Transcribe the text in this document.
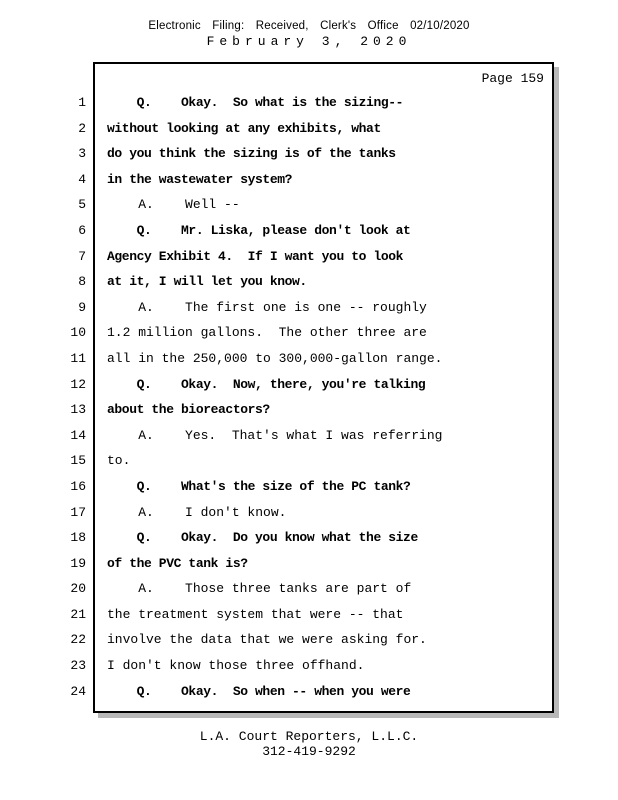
Electronic Filing: Received, Clerk's Office 02/10/2020
February 3, 2020
Page 159
1 Q.    Okay.  So what is the sizing--
2 without looking at any exhibits, what
3 do you think the sizing is of the tanks
4 in the wastewater system?
5 A.    Well --
6 Q.    Mr. Liska, please don't look at
7 Agency Exhibit 4.  If I want you to look
8 at it, I will let you know.
9 A.    The first one is one -- roughly
10 1.2 million gallons.  The other three are
11 all in the 250,000 to 300,000-gallon range.
12 Q.    Okay.  Now, there, you're talking
13 about the bioreactors?
14 A.    Yes.  That's what I was referring
15 to.
16 Q.    What's the size of the PC tank?
17 A.    I don't know.
18 Q.    Okay.  Do you know what the size
19 of the PVC tank is?
20 A.    Those three tanks are part of
21 the treatment system that were -- that
22 involve the data that we were asking for.
23 I don't know those three offhand.
24 Q.    Okay.  So when -- when you were
L.A. Court Reporters, L.L.C.
312-419-9292
